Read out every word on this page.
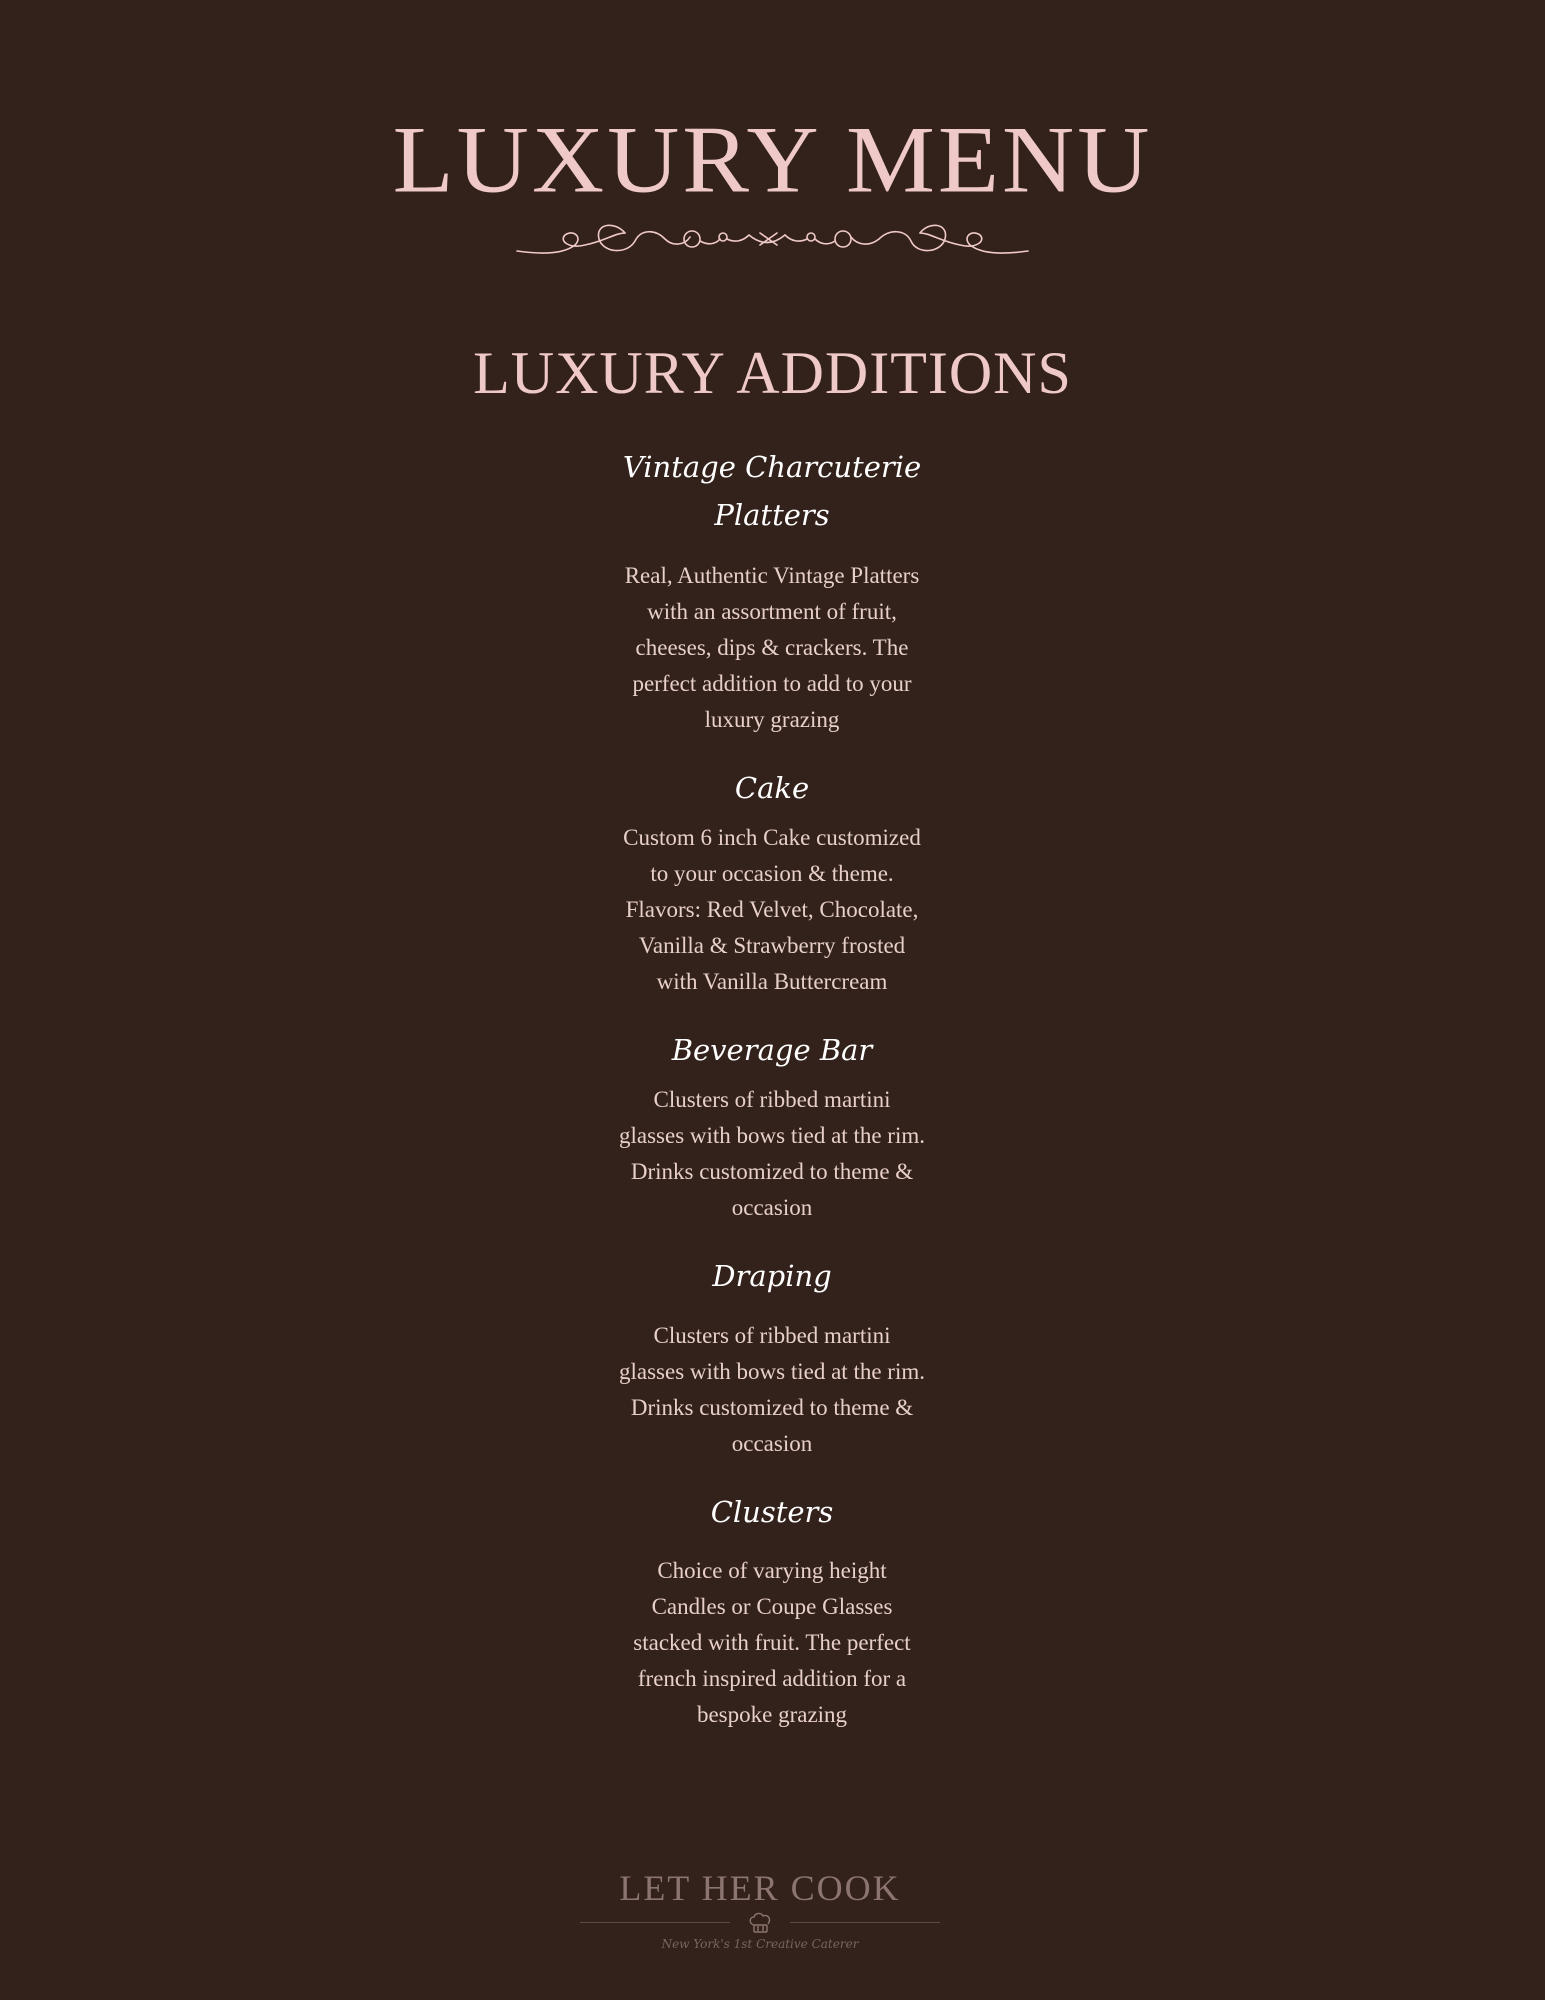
LUXURY MENU
LUXURY ADDITIONS
Vintage Charcuterie
Platters
Real, Authentic Vintage Platters
with an assortment of fruit,
cheeses, dips & crackers. The
perfect addition to add to your
luxury grazing
Cake
Custom 6 inch Cake customized
to your occasion & theme.
Flavors: Red Velvet, Chocolate,
Vanilla & Strawberry frosted
with Vanilla Buttercream
Beverage Bar
Clusters of ribbed martini
glasses with bows tied at the rim.
Drinks customized to theme &
occasion
Draping
Clusters of ribbed martini
glasses with bows tied at the rim.
Drinks customized to theme &
occasion
Clusters
Choice of varying height
Candles or Coupe Glasses
stacked with fruit. The perfect
french inspired addition for a
bespoke grazing
LET HER COOK
New York's 1st Creative Caterer
